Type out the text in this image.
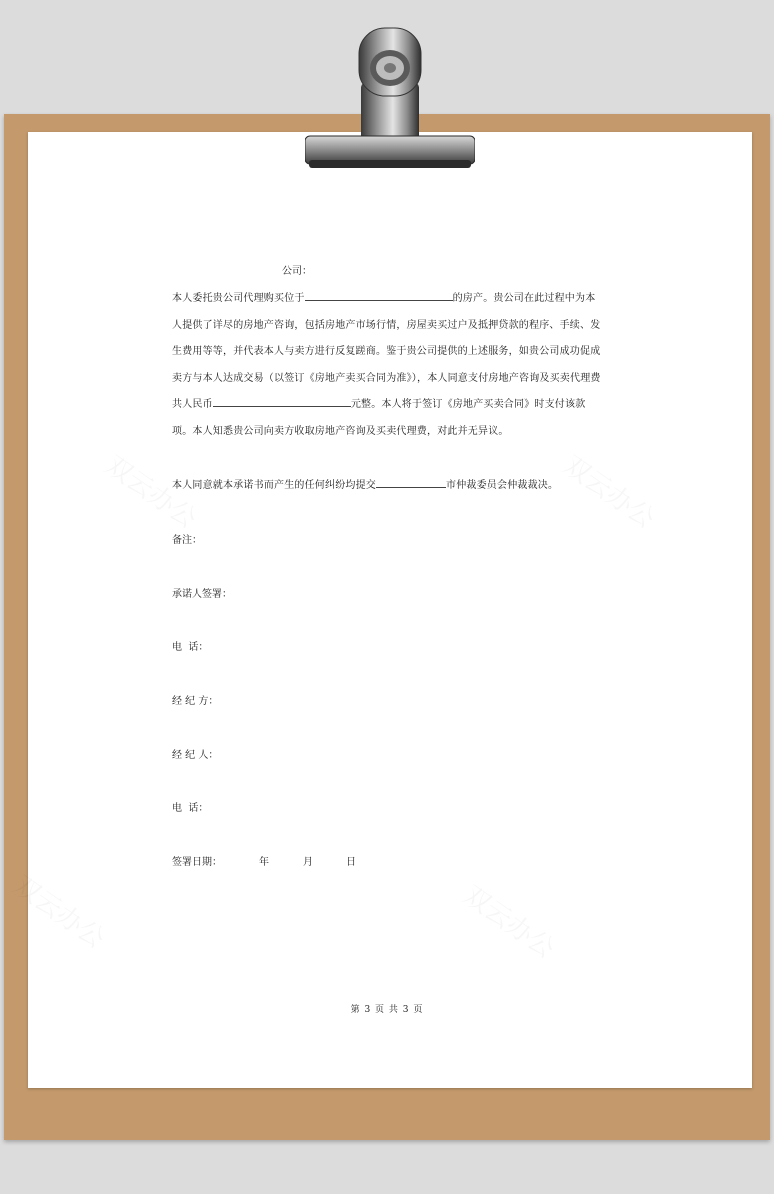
公司：
本人委托贵公司代理购买位于	的房产。贵公司在此过程中为本人提供了详尽的房地产咨询，包括房地产市场行情，房屋卖买过户及抵押贷款的程序、手续、发生费用等等，并代表本人与卖方进行反复蹉商。鉴于贵公司提供的上述服务，如贵公司成功促成卖方与本人达成交易（以签订《房地产卖买合同为准》），本人同意支付房地产咨询及买卖代理费共人民币	元整。本人将于签订《房地产买卖合同》时支付该款项。本人知悉贵公司向卖方收取房地产咨询及买卖代理费，对此并无异议。
本人同意就本承诺书而产生的任何纠纷均提交	市仲裁委员会仲裁裁决。
备注：
承诺人签署：
电  话：
经 纪 方：
经 纪 人：
电  话：
签署日期：	年	月	日
第 3 页 共 3 页
